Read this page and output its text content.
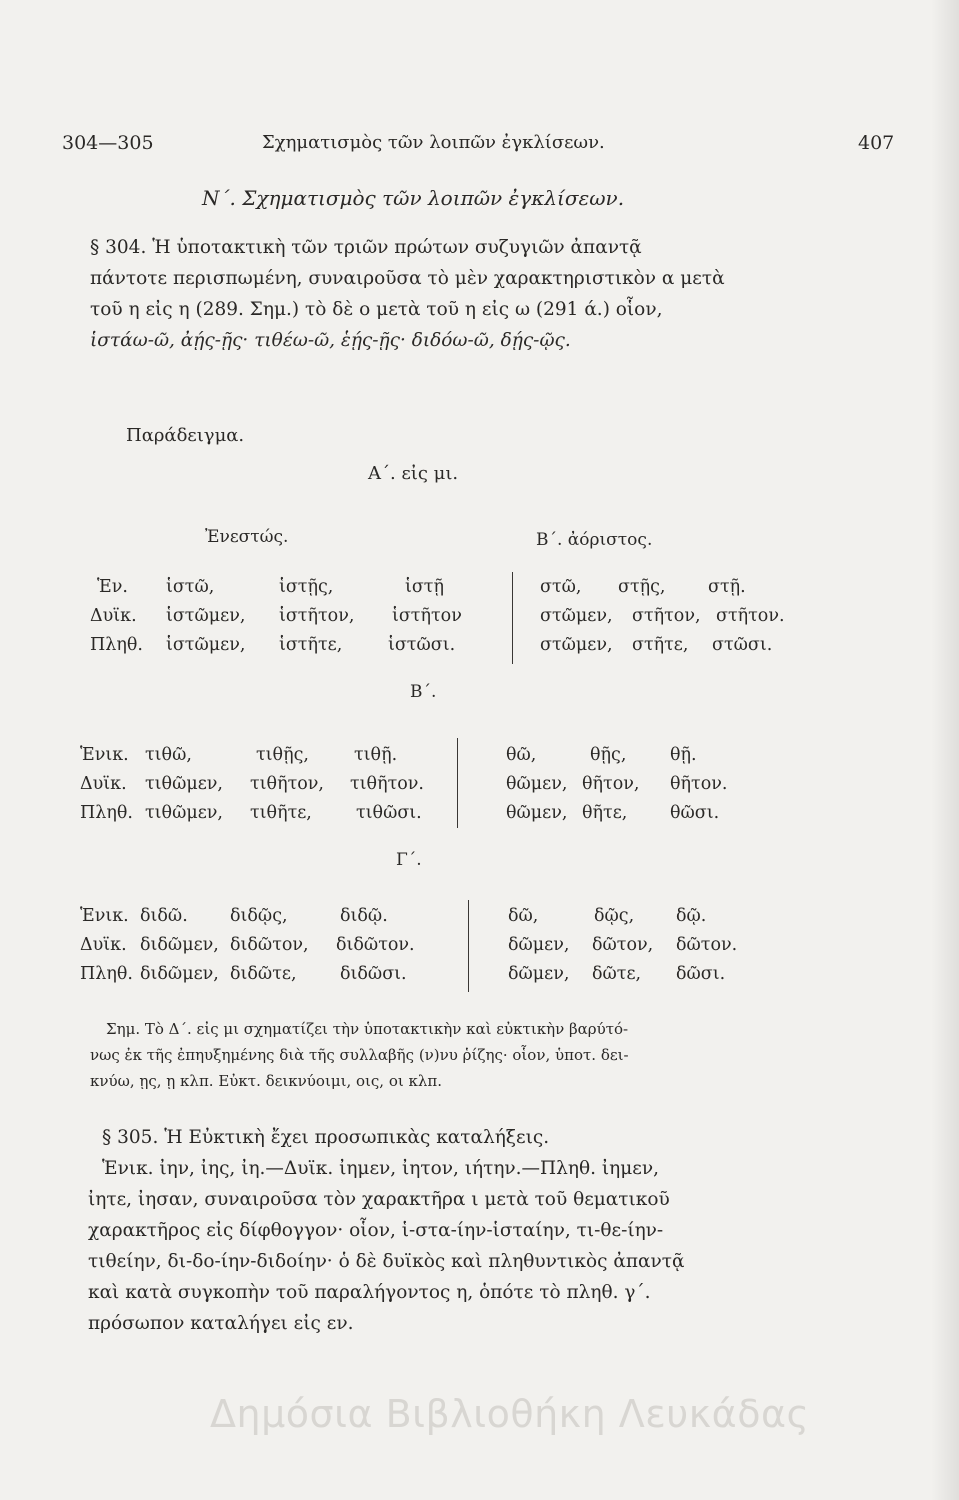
304—305	Σχηματισμὸς τῶν λοιπῶν ἐγκλίσεων.	407
Ν΄. Σχηματισμὸς τῶν λοιπῶν ἐγκλίσεων.
§ 304. Ἡ ὑποτακτικὴ τῶν τριῶν πρώτων συζυγιῶν ἀπαντᾷ
πάντοτε περισπωμένη, συναιροῦσα τὸ μὲν χαρακτηριστικὸν α μετὰ
τοῦ η εἰς η (289. Σημ.) τὸ δὲ ο μετὰ τοῦ η εἰς ω (291 ά.) οἷον,
ἱστάω-ῶ, ἀῄς-ῇς· τιθέω-ῶ, ἑῄς-ῇς· διδόω-ῶ, δῄς-ῷς.
Παράδειγμα.
Α΄. εἰς μι.
Ἐνεστώς.	Β΄. ἀόριστος.
Ἑν. ἱστῶ,	ἱστῇς,	ἱστῇ	στῶ, στῇς, στῇ.
Δυϊκ. ἱστῶμεν, ἱστῆτον, ἱστῆτον	στῶμεν, στῆτον, στῆτον.
Πληθ. ἱστῶμεν, ἱστῆτε,	ἱστῶσι.	στῶμεν, στῆτε, στῶσι.
Β΄.
Ἑνικ. τιθῶ,	τιθῇς,	τιθῇ.	θῶ,	θῇς, θῇ.
Δυϊκ. τιθῶμεν, τιθῆτον, τιθῆτον.	θῶμεν, θῆτον, θῆτον.
Πληθ. τιθῶμεν, τιθῆτε,	τιθῶσι.	θῶμεν, θῆτε, θῶσι.
Γ΄.
Ἑνικ. διδῶ. διδῷς,	διδῷ.	δῶ,	δῷς, δῷ.
Δυϊκ. διδῶμεν, διδῶτον, διδῶτον.	δῶμεν, δῶτον, δῶτον.
Πληθ. διδῶμεν, διδῶτε, διδῶσι.	δῶμεν, δῶτε, δῶσι.
Σημ. Τὸ Δ΄. εἰς μι σχηματίζει τὴν ὑποτακτικὴν καὶ εὐκτικὴν βαρύτό-
νως ἐκ τῆς ἐπηυξημένης διὰ τῆς συλλαβῆς (ν)νυ ῥίζης· οἷον, ὑποτ. δει-
κνύω, ῃς, ῃ κλπ. Εὐκτ. δεικνύοιμι, οις, οι κλπ.
§ 305. Ἡ Εὐκτικὴ ἔχει προσωπικὰς καταλήξεις.
Ἑνικ. ἰην, ἰης, ἰη.—Δυϊκ. ἰημεν, ἰητον, ιήτην.—Πληθ. ἰημεν,
ἰητε, ἰησαν, συναιροῦσα τὸν χαρακτῆρα ι μετὰ τοῦ θεματικοῦ
χαρακτῆρος εἰς δίφθογγον· οἷον, ἱ-στα-ίην-ἱσταίην, τι-θε-ίην-
τιθείην, δι-δο-ίην-διδοίην· ὁ δὲ δυϊκὸς καὶ πληθυντικὸς ἀπαντᾷ
καὶ κατὰ συγκοπὴν τοῦ παραλήγοντος η, ὁπότε τὸ πληθ. γ΄.
πρόσωπον καταλήγει εἰς εν.
Δημόσια Βιβλιοθήκη Λευκάδας
